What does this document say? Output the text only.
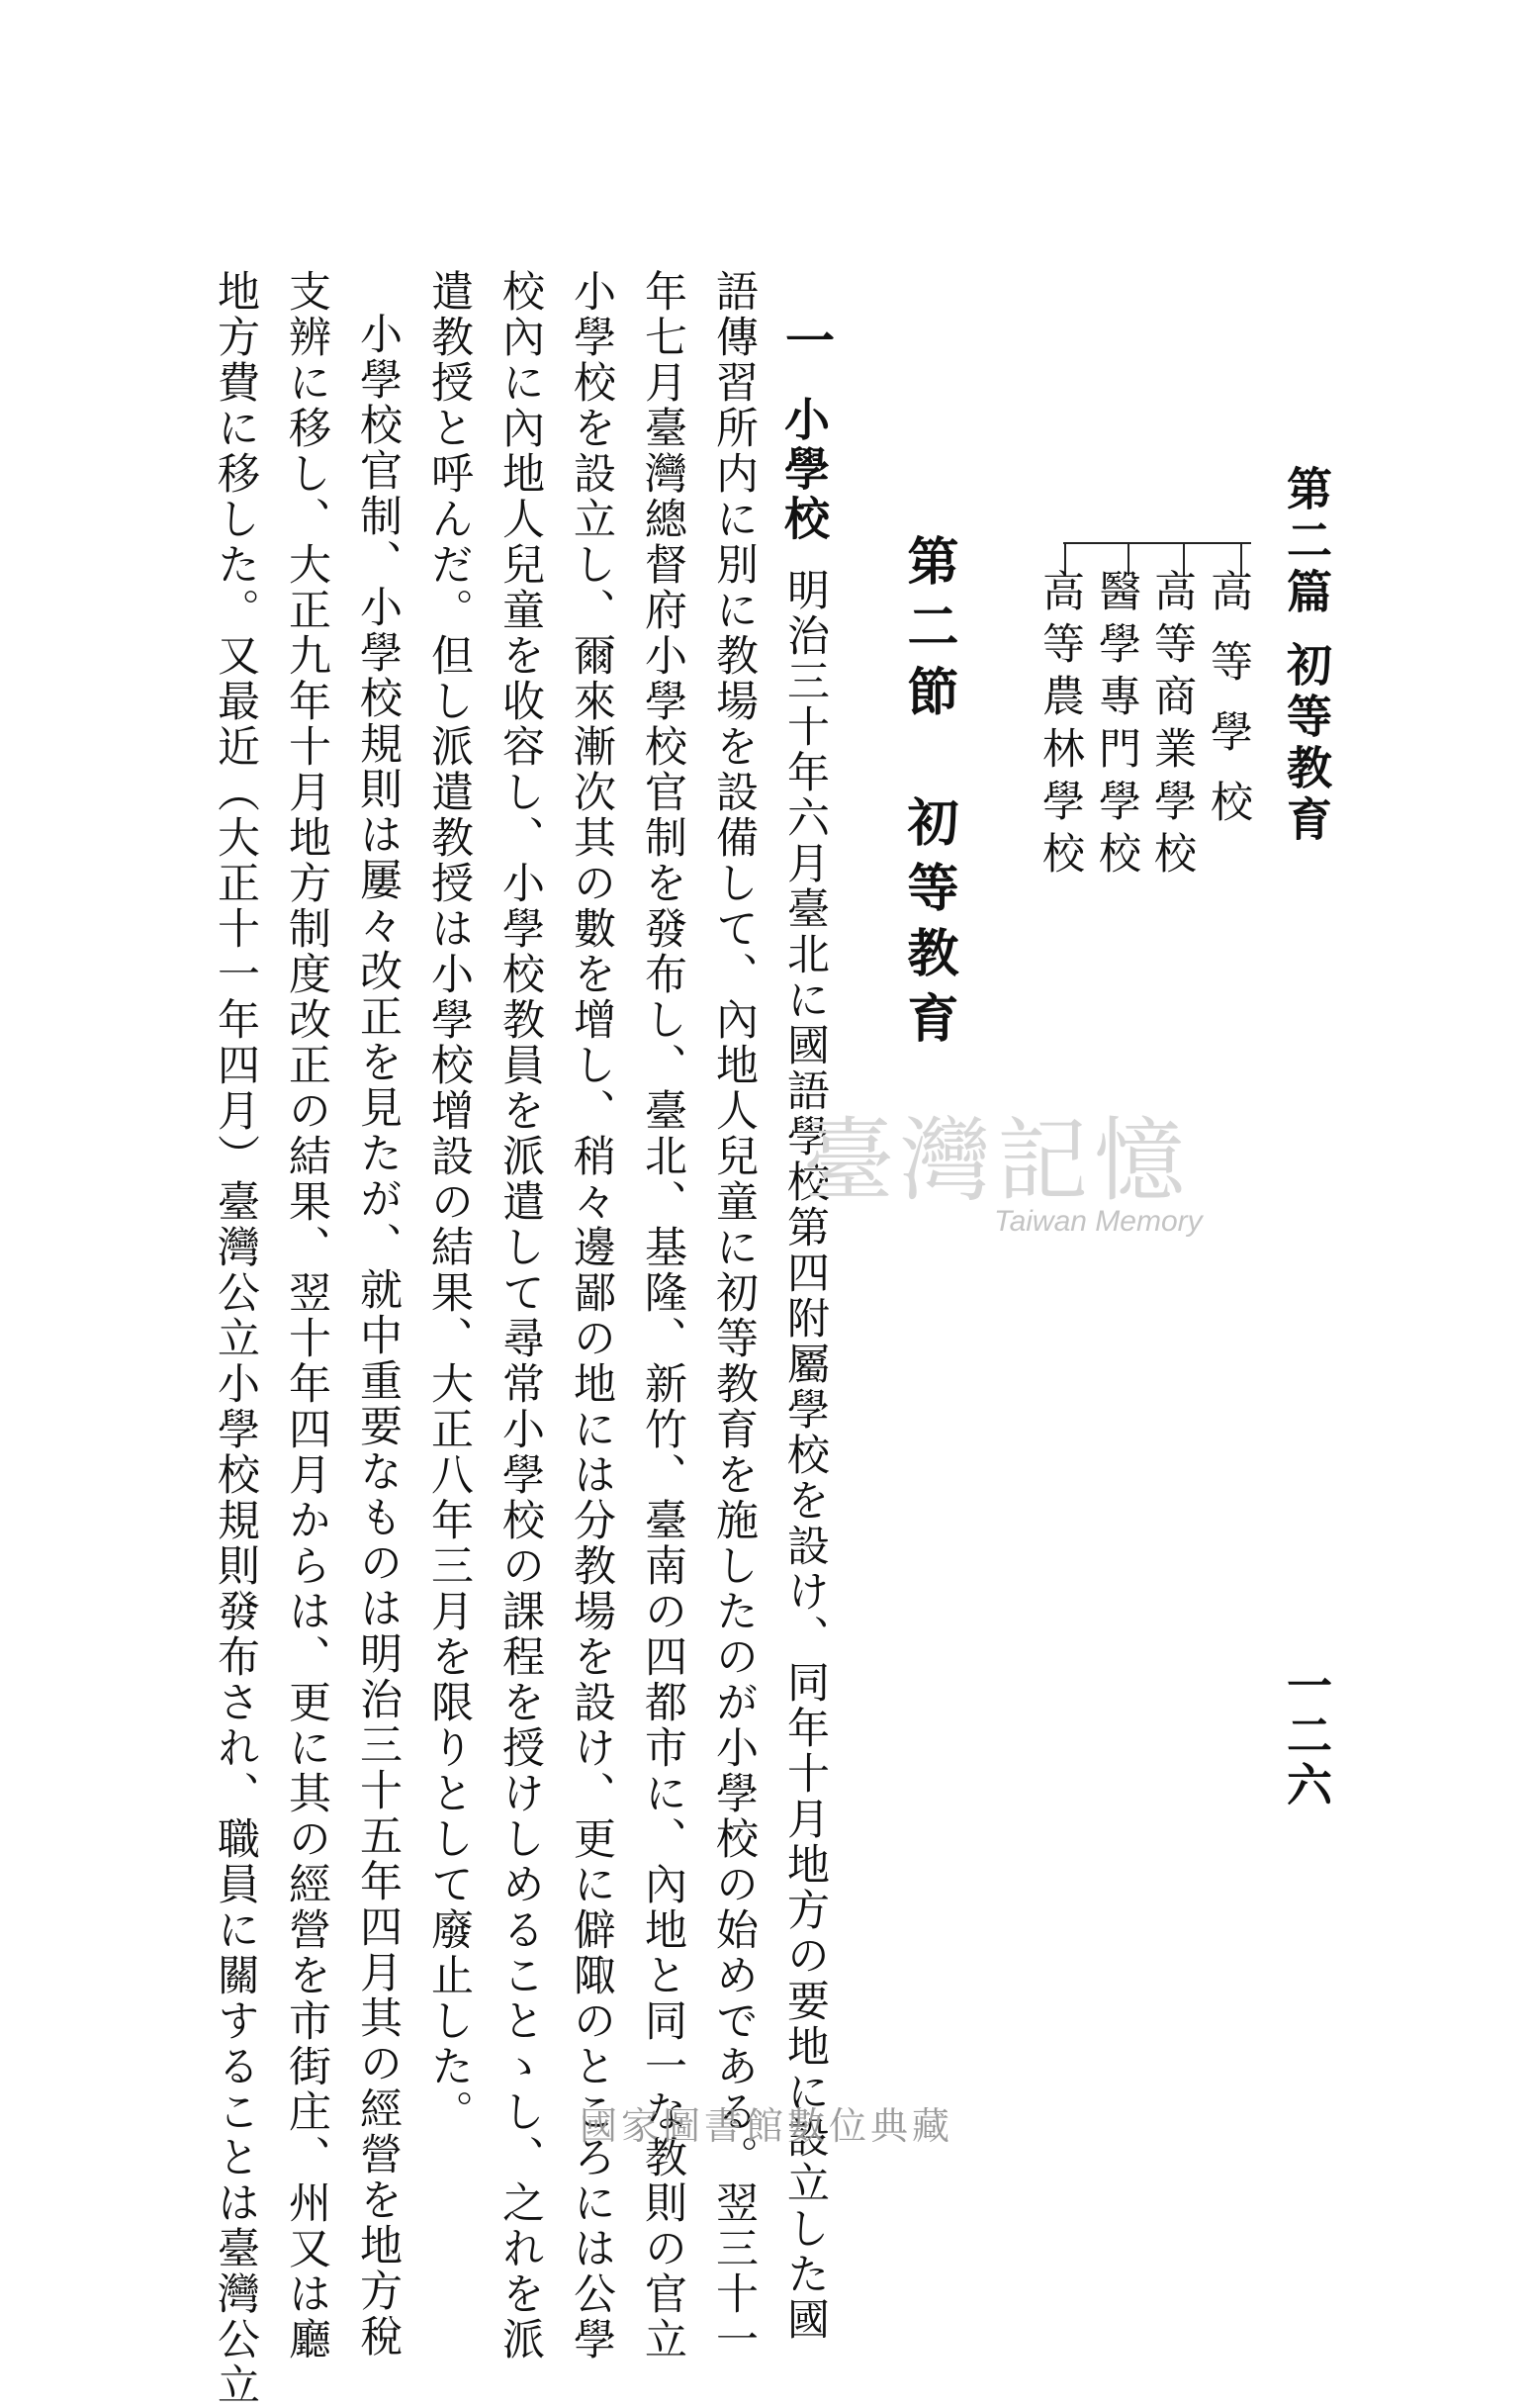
第二篇 初等教育
一二六
高等學校
高等商業學校
醫學專門學校
高等農林學校
第二節　初等教育
一
小學校
明治三十年六月臺北に國語學校第四附屬學校を設け、同年十月地方の要地に設立した國
語傳習所内に別に教場を設備して、內地人兒童に初等教育を施したのが小學校の始めである。翌三十一
年七月臺灣總督府小學校官制を發布し、臺北、基隆、新竹、臺南の四都市に、內地と同一な教則の官立
小學校を設立し、爾來漸次其の數を增し、稍々邊鄙の地には分教場を設け、更に僻陬のところには公學
校內に內地人兒童を收容し、小學校教員を派遣して尋常小學校の課程を授けしめることゝし、之れを派
遣教授と呼んだ。但し派遣教授は小學校增設の結果、大正八年三月を限りとして廢止した。
小學校官制、小學校規則は屢々改正を見たが、就中重要なものは明治三十五年四月其の經營を地方稅
支辨に移し、大正九年十月地方制度改正の結果、翌十年四月からは、更に其の經營を市街庄、州又は廳
地方費に移した。又最近（大正十一年四月）臺灣公立小學校規則發布され、職員に關することは臺灣公立	臺灣記憶
Taiwan Memory
國家圖書館數位典藏
